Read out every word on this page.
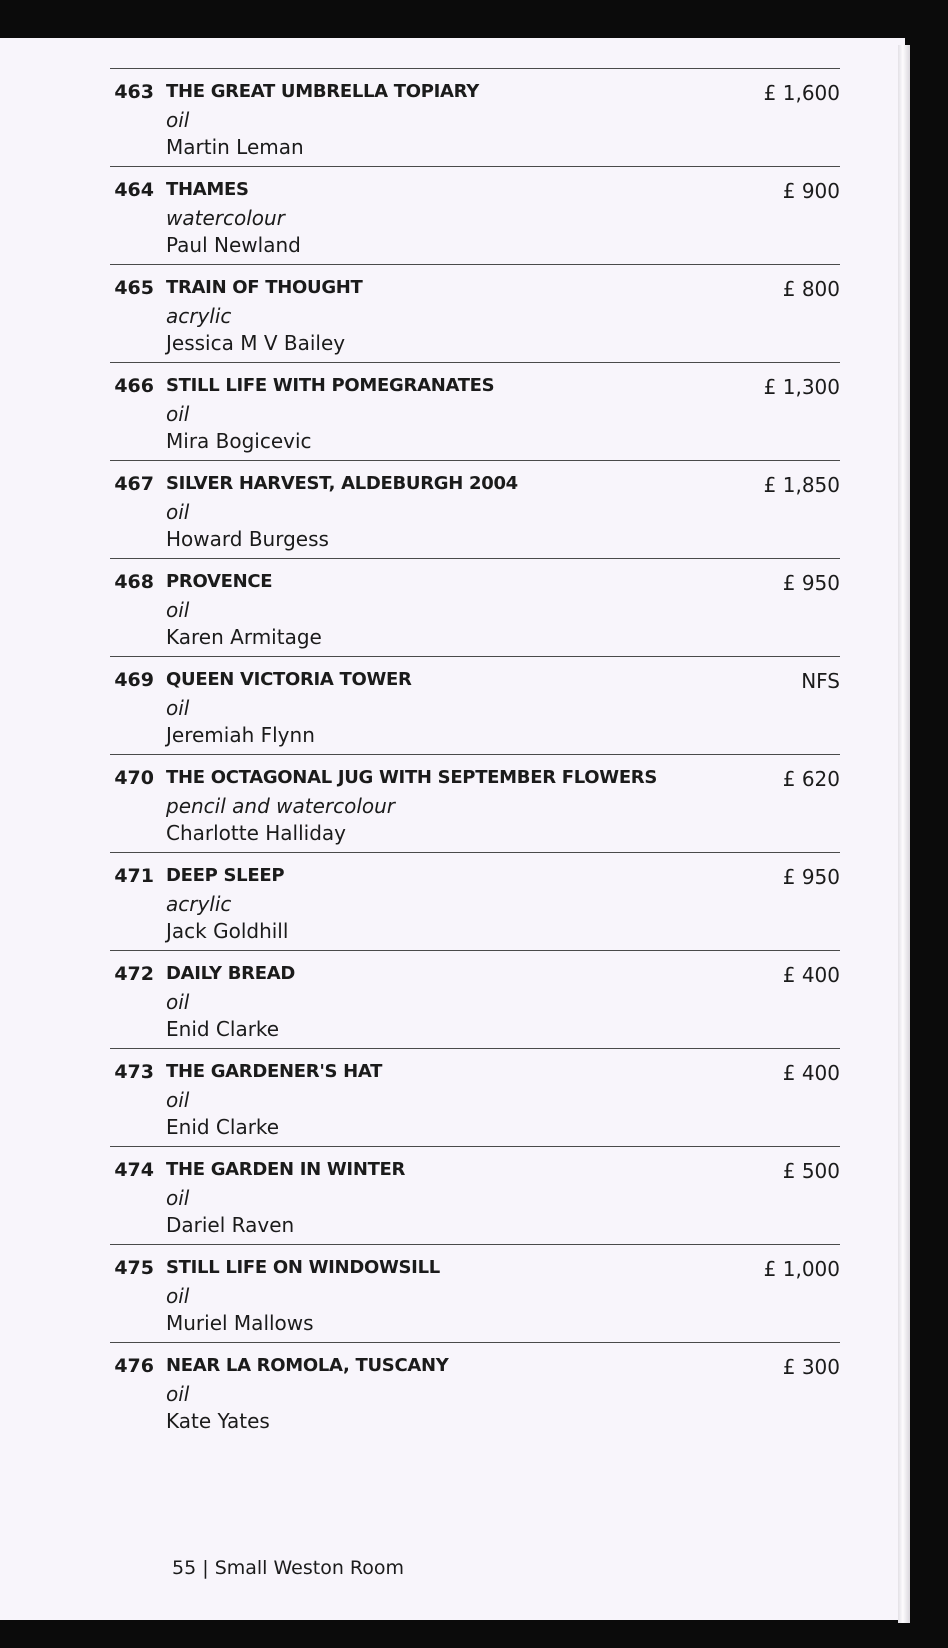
463 THE GREAT UMBRELLA TOPIARY
oil
Martin Leman
£ 1,600
464 THAMES
watercolour
Paul Newland
£ 900
465 TRAIN OF THOUGHT
acrylic
Jessica M V Bailey
£ 800
466 STILL LIFE WITH POMEGRANATES
oil
Mira Bogicevic
£ 1,300
467 SILVER HARVEST, ALDEBURGH 2004
oil
Howard Burgess
£ 1,850
468 PROVENCE
oil
Karen Armitage
£ 950
469 QUEEN VICTORIA TOWER
oil
Jeremiah Flynn
NFS
470 THE OCTAGONAL JUG WITH SEPTEMBER FLOWERS
pencil and watercolour
Charlotte Halliday
£ 620
471 DEEP SLEEP
acrylic
Jack Goldhill
£ 950
472 DAILY BREAD
oil
Enid Clarke
£ 400
473 THE GARDENER'S HAT
oil
Enid Clarke
£ 400
474 THE GARDEN IN WINTER
oil
Dariel Raven
£ 500
475 STILL LIFE ON WINDOWSILL
oil
Muriel Mallows
£ 1,000
476 NEAR LA ROMOLA, TUSCANY
oil
Kate Yates
£ 300
55 | Small Weston Room
